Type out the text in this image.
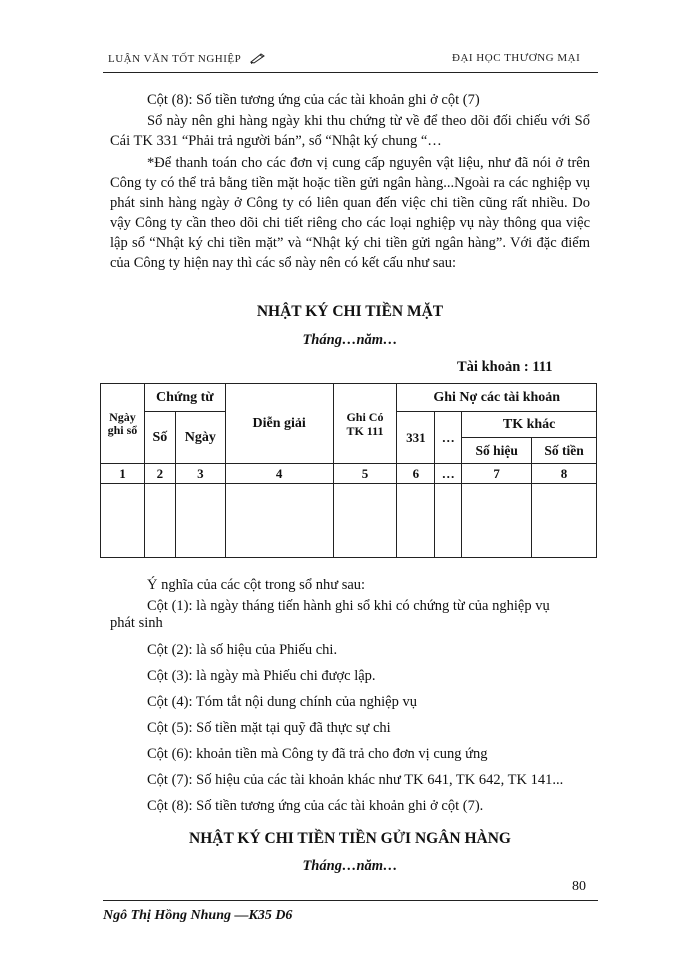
LUẬN VĂN TỐT NGHIỆP	ĐẠI HỌC THƯƠNG MẠI
Cột (8): Số tiền tương ứng của các tài khoản ghi ở cột (7)
Sổ này nên ghi hàng ngày khi thu chứng từ về để theo dõi đối chiếu với Sổ Cái TK 331 “Phải trả người bán”, sổ “Nhật ký chung “…
*Để thanh toán cho các đơn vị cung cấp nguyên vật liệu, như đã nói ở trên Công ty có thể trả bằng tiền mặt hoặc tiền gửi ngân hàng...Ngoài ra các nghiệp vụ phát sinh hàng ngày ở Công ty có liên quan đến việc chi tiền cũng rất nhiều. Do vậy Công ty cần theo dõi chi tiết riêng cho các loại nghiệp vụ này thông qua việc lập sổ “Nhật ký chi tiền mặt” và “Nhật ký chi tiền gửi ngân hàng”. Với đặc điểm của Công ty hiện nay thì các sổ này nên có kết cấu như sau:
NHẬT KÝ CHI TIỀN MẶT
Tháng…năm…
Tài khoản : 111
Ngày ghi sổ	Chứng từ		Diễn giải	Ghi Có TK 111	Ghi Nợ các tài khoản			
	Số	Ngày			331	…	TK khác	
							Số hiệu	Số tiền
1	2	3	4	5	6	…	7	8

Ý nghĩa của các cột trong sổ như sau:
Cột (1): là ngày tháng tiến hành ghi sổ khi có chứng từ của nghiệp vụ
phát sinh
Cột (2): là số hiệu của Phiếu chi.
Cột (3): là ngày mà Phiếu chi được lập.
Cột (4): Tóm tắt nội dung chính của nghiệp vụ
Cột (5): Số tiền mặt tại quỹ đã thực sự chi
Cột (6): khoản tiền mà Công ty đã trả cho đơn vị cung ứng
Cột (7): Số hiệu của các tài khoản khác như TK 641, TK 642, TK 141...
Cột (8): Số tiền tương ứng của các tài khoản ghi ở cột (7).
NHẬT KÝ CHI TIỀN TIỀN GỬI NGÂN HÀNG
Tháng…năm…
80
Ngô Thị Hồng Nhung —K35 D6
